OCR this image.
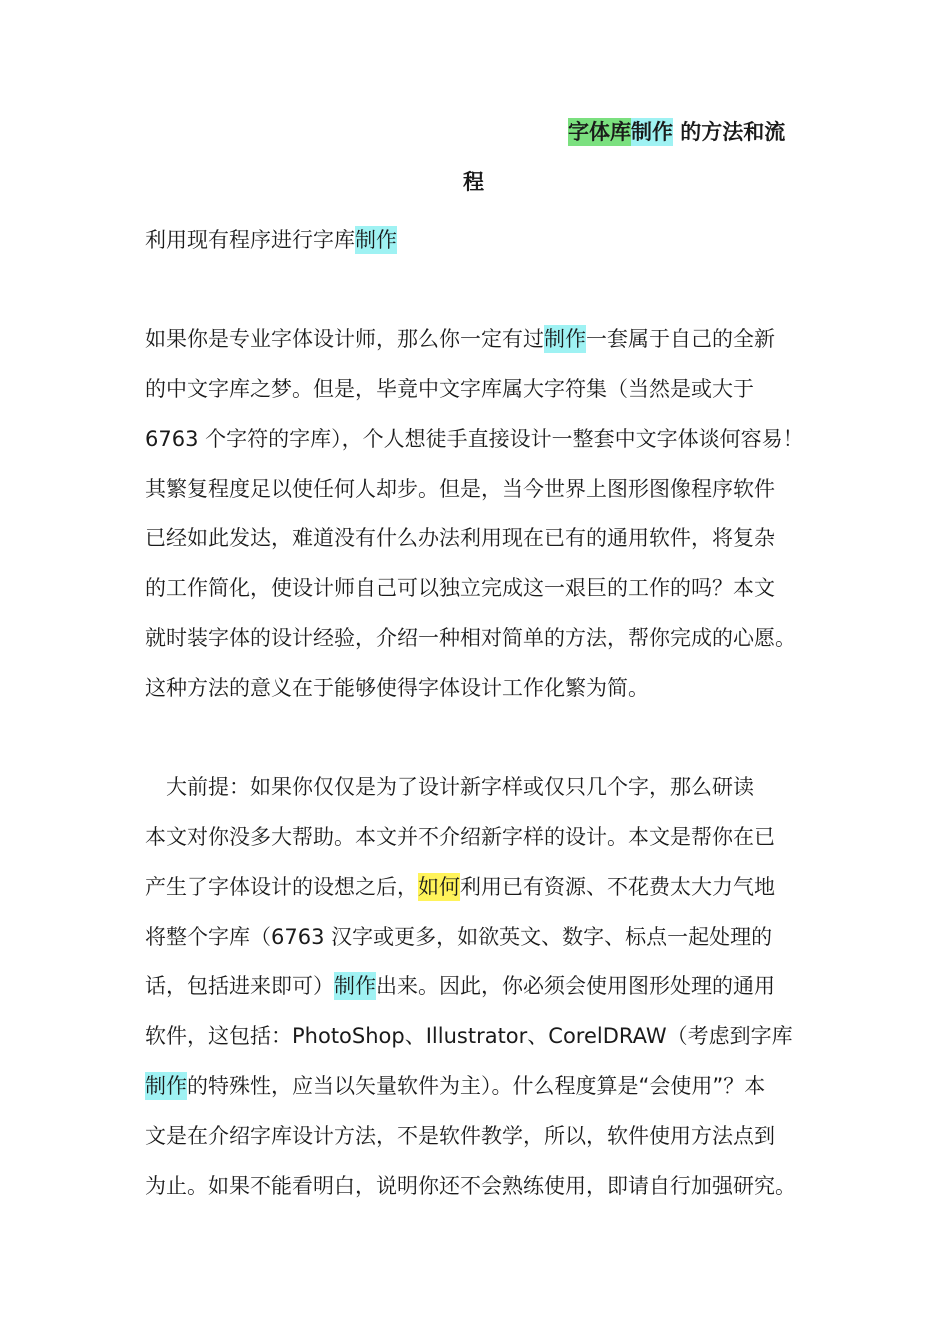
字体库制作 的方法和流
程
利用现有程序进行字库制作
如果你是专业字体设计师，那么你一定有过制作一套属于自己的全新
的中文字库之梦。但是，毕竟中文字库属大字符集（当然是或大于
6763 个字符的字库），个人想徒手直接设计一整套中文字体谈何容易！
其繁复程度足以使任何人却步。但是，当今世界上图形图像程序软件
已经如此发达，难道没有什么办法利用现在已有的通用软件，将复杂
的工作简化，使设计师自己可以独立完成这一艰巨的工作的吗？本文
就时装字体的设计经验，介绍一种相对简单的方法，帮你完成的心愿。
这种方法的意义在于能够使得字体设计工作化繁为简。
　大前提：如果你仅仅是为了设计新字样或仅只几个字，那么研读
本文对你没多大帮助。本文并不介绍新字样的设计。本文是帮你在已
产生了字体设计的设想之后，如何利用已有资源、不花费太大力气地
将整个字库（6763 汉字或更多，如欲英文、数字、标点一起处理的
话，包括进来即可）制作出来。因此，你必须会使用图形处理的通用
软件，这包括：PhotoShop、Illustrator、CorelDRAW（考虑到字库
制作的特殊性，应当以矢量软件为主）。什么程度算是“会使用”？本
文是在介绍字库设计方法，不是软件教学，所以，软件使用方法点到
为止。如果不能看明白，说明你还不会熟练使用，即请自行加强研究。
